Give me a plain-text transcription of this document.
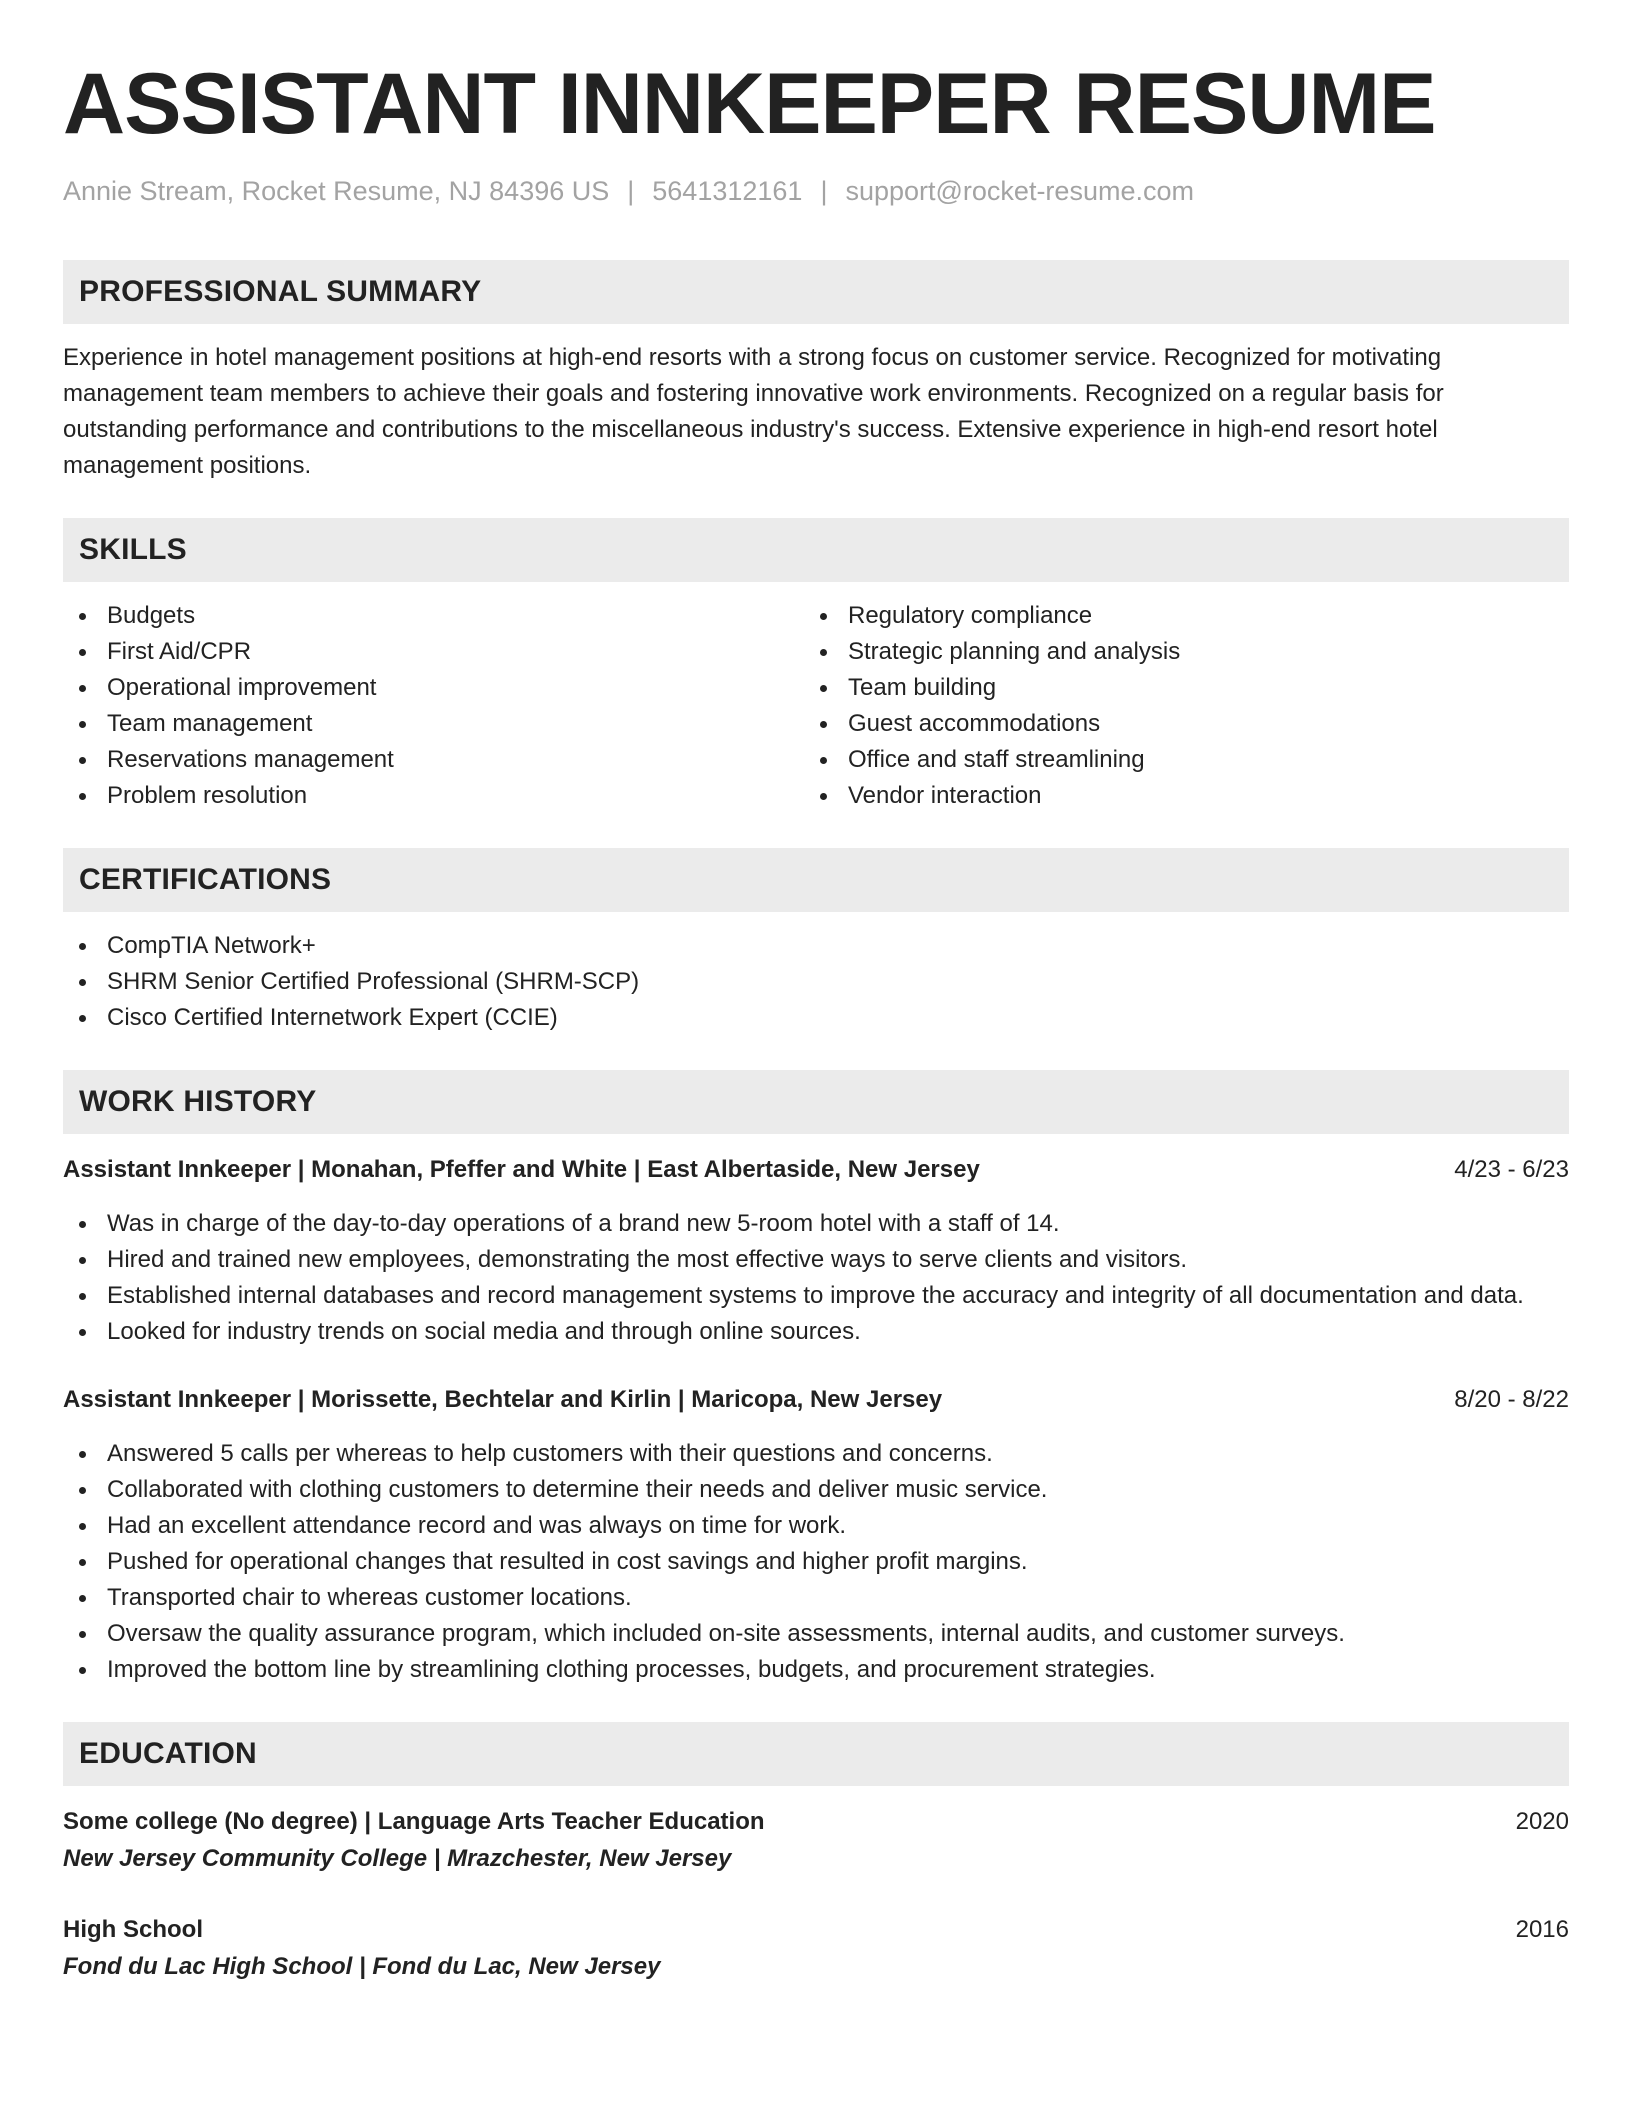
ASSISTANT INNKEEPER RESUME
Annie Stream, Rocket Resume, NJ 84396 US | 5641312161 | support@rocket-resume.com
PROFESSIONAL SUMMARY

Experience in hotel management positions at high-end resorts with a strong focus on customer service. Recognized for motivating management team members to achieve their goals and fostering innovative work environments. Recognized on a regular basis for outstanding performance and contributions to the miscellaneous industry's success. Extensive experience in high-end resort hotel management positions.

SKILLS
Budgets
First Aid/CPR
Operational improvement
Team management
Reservations management
Problem resolution
Regulatory compliance
Strategic planning and analysis
Team building
Guest accommodations
Office and staff streamlining
Vendor interaction
CERTIFICATIONS
CompTIA Network+
SHRM Senior Certified Professional (SHRM-SCP)
Cisco Certified Internetwork Expert (CCIE)
WORK HISTORY
Assistant Innkeeper | Monahan, Pfeffer and White | East Albertaside, New Jersey	4/23 - 6/23
Was in charge of the day-to-day operations of a brand new 5-room hotel with a staff of 14.
Hired and trained new employees, demonstrating the most effective ways to serve clients and visitors.
Established internal databases and record management systems to improve the accuracy and integrity of all documentation and data.
Looked for industry trends on social media and through online sources.
Assistant Innkeeper | Morissette, Bechtelar and Kirlin | Maricopa, New Jersey	8/20 - 8/22
Answered 5 calls per whereas to help customers with their questions and concerns.
Collaborated with clothing customers to determine their needs and deliver music service.
Had an excellent attendance record and was always on time for work.
Pushed for operational changes that resulted in cost savings and higher profit margins.
Transported chair to whereas customer locations.
Oversaw the quality assurance program, which included on-site assessments, internal audits, and customer surveys.
Improved the bottom line by streamlining clothing processes, budgets, and procurement strategies.
EDUCATION
Some college (No degree) | Language Arts Teacher Education	2020
New Jersey Community College | Mrazchester, New Jersey
High School	2016
Fond du Lac High School | Fond du Lac, New Jersey
